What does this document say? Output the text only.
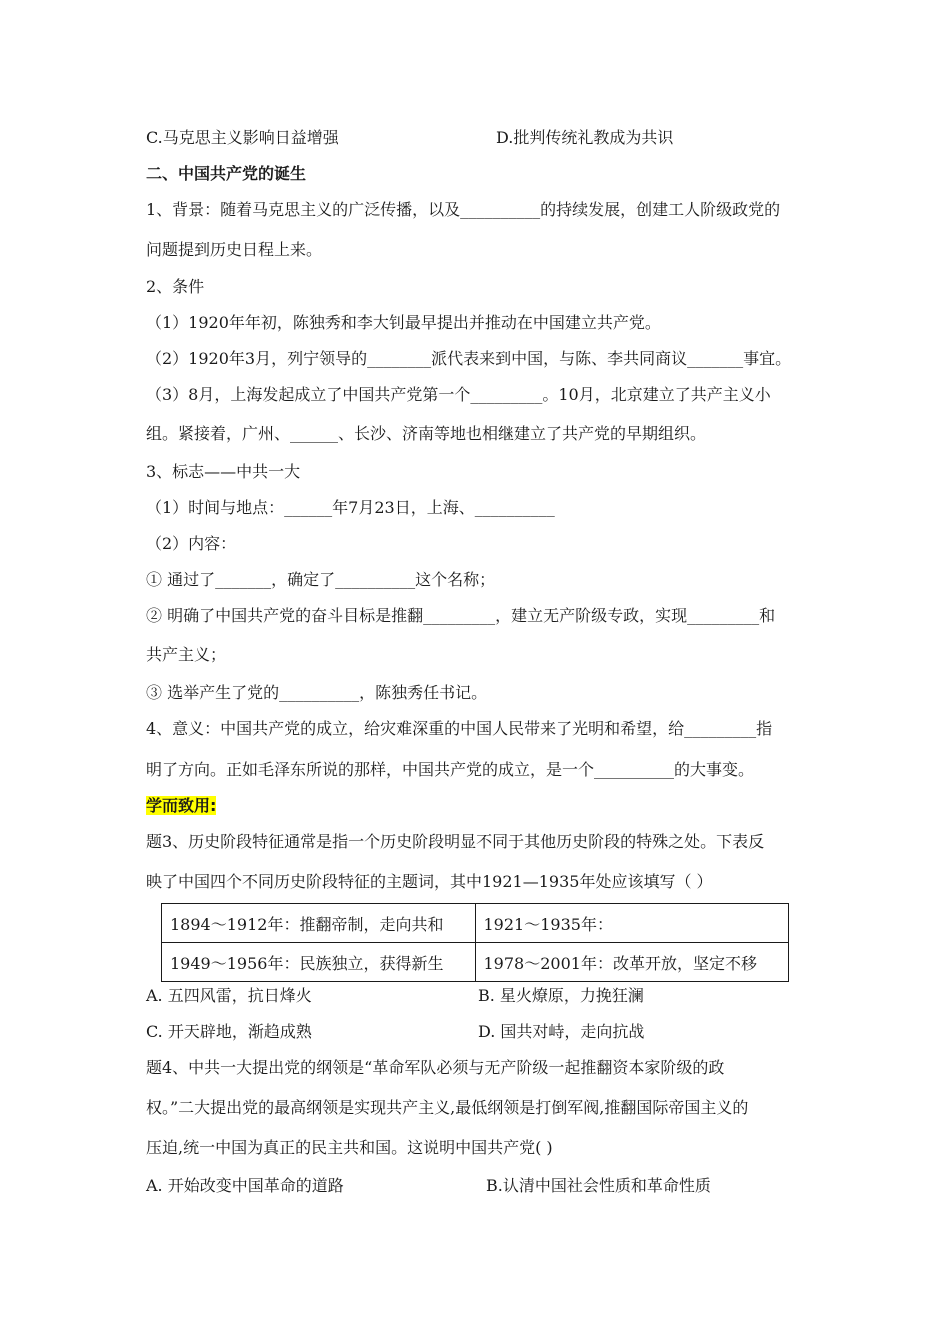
C.马克思主义影响日益增强	D.批判传统礼教成为共识
二、中国共产党的诞生
1、背景：随着马克思主义的广泛传播，以及__________的持续发展，创建工人阶级政党的
问题提到历史日程上来。
2、条件
（1）1920年年初，陈独秀和李大钊最早提出并推动在中国建立共产党。
（2）1920年3月，列宁领导的________派代表来到中国，与陈、李共同商议_______事宜。
（3）8月，上海发起成立了中国共产党第一个_________。10月，北京建立了共产主义小
组。紧接着，广州、______、长沙、济南等地也相继建立了共产党的早期组织。
3、标志——中共一大
（1）时间与地点：______年7月23日，上海、__________
（2）内容：
① 通过了_______，确定了__________这个名称；
② 明确了中国共产党的奋斗目标是推翻_________，建立无产阶级专政，实现_________和
共产主义；
③ 选举产生了党的__________，陈独秀任书记。
4、意义：中国共产党的成立，给灾难深重的中国人民带来了光明和希望，给_________指
明了方向。正如毛泽东所说的那样，中国共产党的成立，是一个__________的大事变。
学而致用:
题3、历史阶段特征通常是指一个历史阶段明显不同于其他历史阶段的特殊之处。下表反
映了中国四个不同历史阶段特征的主题词，其中1921—1935年处应该填写（ ）
1894～1912年：推翻帝制，走向共和	1921～1935年：
1949～1956年：民族独立，获得新生	1978～2001年：改革开放，坚定不移
A. 五四风雷，抗日烽火	B. 星火燎原，力挽狂澜
C. 开天辟地，渐趋成熟	D. 国共对峙，走向抗战
题4、中共一大提出党的纲领是“革命军队必须与无产阶级一起推翻资本家阶级的政
权。”二大提出党的最高纲领是实现共产主义,最低纲领是打倒军阀,推翻国际帝国主义的
压迫,统一中国为真正的民主共和国。这说明中国共产党( )
A. 开始改变中国革命的道路	B.认清中国社会性质和革命性质
